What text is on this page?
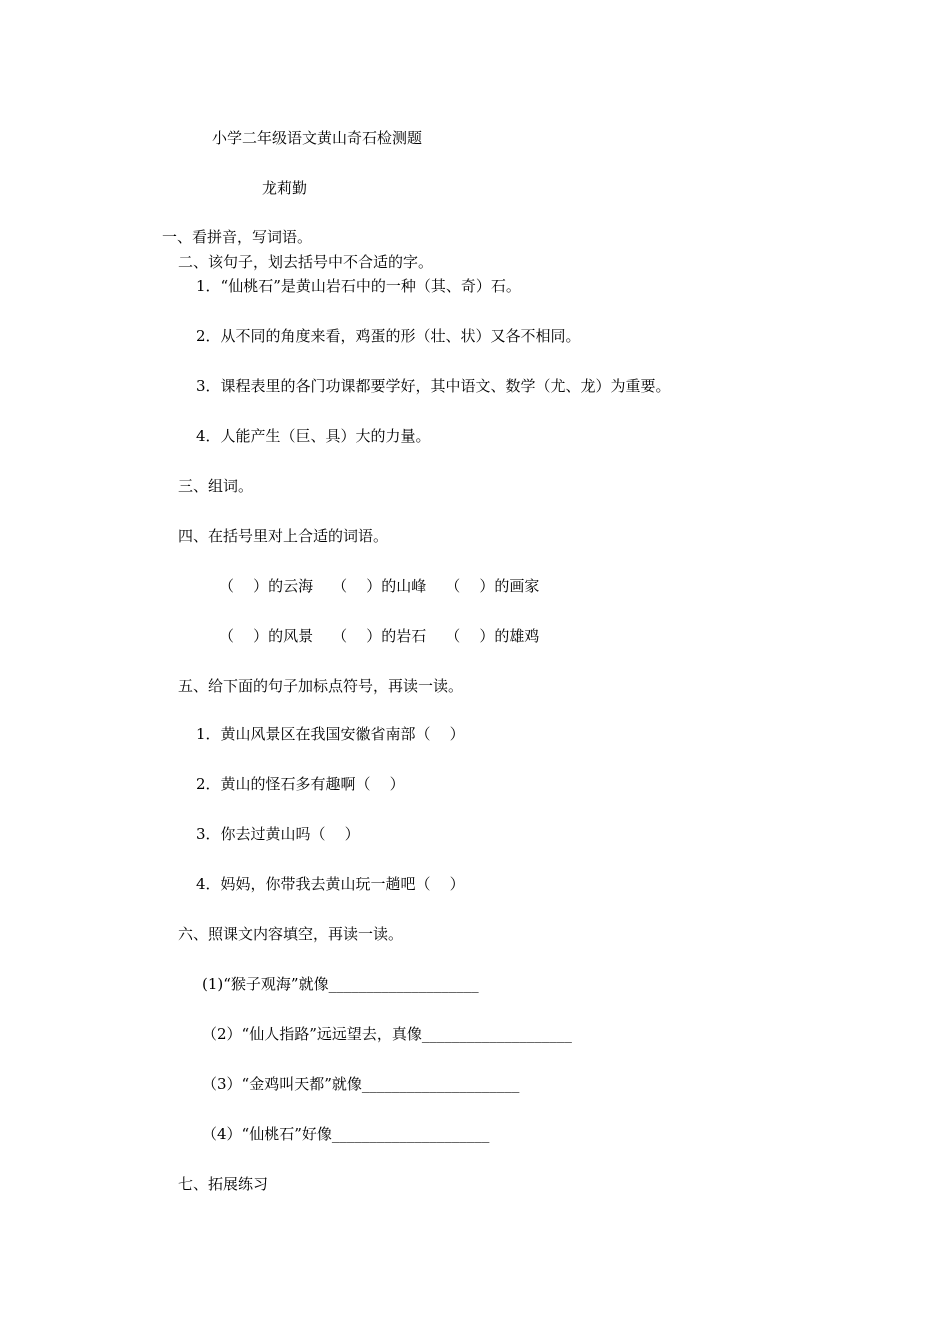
小学二年级语文黄山奇石检测题
龙莉勤
一、看拼音，写词语。
二、该句子，划去括号中不合适的字。
1．“仙桃石”是黄山岩石中的一种（其、奇）石。
2．从不同的角度来看，鸡蛋的形（壮、状）又各不相同。
3．课程表里的各门功课都要学好，其中语文、数学（尤、龙）为重要。
4．人能产生（巨、具）大的力量。
三、组词。
四、在括号里对上合适的词语。
（    ）的云海    （    ）的山峰    （    ）的画家
（    ）的风景    （    ）的岩石    （    ）的雄鸡
五、给下面的句子加标点符号，再读一读。
1．黄山风景区在我国安徽省南部（    ）
2．黄山的怪石多有趣啊（    ）
3．你去过黄山吗（    ）
4．妈妈，你带我去黄山玩一趟吧（    ）
六、照课文内容填空，再读一读。
(1)“猴子观海”就像____________________
（2）“仙人指路”远远望去，真像____________________
（3）“金鸡叫天都”就像_____________________
（4）“仙桃石”好像_____________________
七、拓展练习
